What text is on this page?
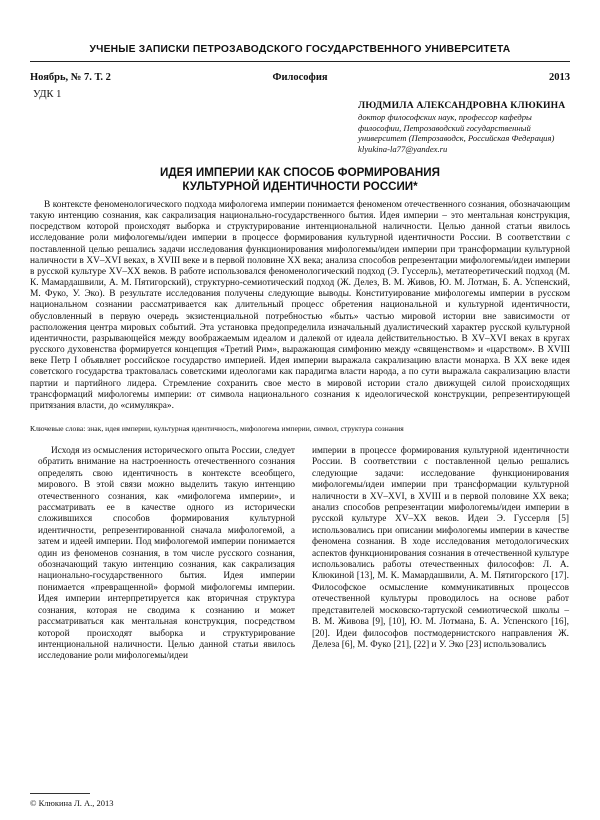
УЧЕНЫЕ ЗАПИСКИ ПЕТРОЗАВОДСКОГО ГОСУДАРСТВЕННОГО УНИВЕРСИТЕТА
Философия
Ноябрь, № 7. Т. 2	2013
УДК 1
ЛЮДМИЛА АЛЕКСАНДРОВНА КЛЮКИНА
доктор философских наук, профессор кафедры философии, Петрозаводский государственный университет (Петрозаводск, Российская Федерация)
klyukina-la77@yandex.ru
ИДЕЯ ИМПЕРИИ КАК СПОСОБ ФОРМИРОВАНИЯ
КУЛЬТУРНОЙ ИДЕНТИЧНОСТИ РОССИИ*

В контексте феноменологического подхода мифологема империи понимается феноменом отечественного сознания, обозначающим такую интенцию сознания, как сакрализация национально-государственного бытия. Идея империи – это ментальная конструкция, посредством которой происходят выборка и структурирование интенциональной наличности. Целью данной статьи явилось исследование роли мифологемы/идеи империи в процессе формирования культурной идентичности России. В соответствии с поставленной целью решались задачи исследования функционирования мифологемы/идеи империи при трансформации культурной наличности в XV–XVI веках, в XVIII веке и в первой половине XX века; анализа способов репрезентации мифологемы/идеи империи в русской культуре XV–XX веков. В работе использовался феноменологический подход (Э. Гуссерль), метатеоретический подход (М. К. Мамардашвили, А. М. Пятигорский), структурно-семиотический подход (Ж. Делез, В. М. Живов, Ю. М. Лотман, Б. А. Успенский, М. Фуко, У. Эко). В результате исследования получены следующие выводы. Конституирование мифологемы империи в русском национальном сознании рассматривается как длительный процесс обретения национальной и культурной идентичности, обусловленный в первую очередь экзистенциальной потребностью «быть» частью мировой истории вне зависимости от расположения центра мировых событий. Эта установка предопределила изначальный дуалистический характер русской культурной идентичности, разрывающейся между воображаемым идеалом и далекой от идеала действительностью. В XV–XVI веках в кругах русского духовенства формируется концепция «Третий Рим», выражающая симфонию между «священством» и «царством». В XVIII веке Петр I объявляет российское государство империей. Идея империи выражала сакрализацию власти монарха. В XX веке идея советского государства трактовалась советскими идеологами как парадигма власти народа, а по сути выражала сакрализацию власти партии и партийного лидера. Стремление сохранить свое место в мировой истории стало движущей силой происходящих трансформаций мифологемы империи: от символа национального сознания к идеологической конструкции, репрезентирующей притязания власти, до «симулякра».

Ключевые слова: знак, идея империи, культурная идентичность, мифологема империи, символ, структура сознания

Исходя из осмысления исторического опыта России, следует обратить внимание на настроенность отечественного сознания определять свою идентичность в контексте всеобщего, мирового. В этой связи можно выделить такую интенцию отечественного сознания, как «мифологема империи», и рассматривать ее в качестве одного из исторически сложившихся способов формирования культурной идентичности, репрезентированной сначала мифологемой, а затем и идеей империи. Под мифологемой империи понимается один из феноменов сознания, в том числе русского сознания, обозначающий такую интенцию сознания, как сакрализация национально-государственного бытия. Идея империи понимается «превращенной» формой мифологемы империи. Идея империи интерпретируется как вторичная структура сознания, которая не сводима к сознанию и может рассматриваться как ментальная конструкция, посредством которой происходят выборка и структурирование интенциональной наличности. Целью данной статьи явилось исследование роли мифологемы/идеи

империи в процессе формирования культурной идентичности России. В соответствии с поставленной целью решались следующие задачи: исследование функционирования мифологемы/идеи империи при трансформации культурной наличности в XV–XVI, в XVIII и в первой половине XX века; анализ способов репрезентации мифологемы/идеи империи в русской культуре XV–XX веков. Идеи Э. Гуссерля [5] использовались при описании мифологемы империи в качестве феномена сознания. В ходе исследования методологических аспектов функционирования сознания в отечественной культуре использовались работы отечественных философов: Л. А. Клюкиной [13], М. К. Мамардашвили, А. М. Пятигорского [17]. Философское осмысление коммуникативных процессов отечественной культуры проводилось на основе работ представителей московско-тартуской семиотической школы – В. М. Живова [9], [10], Ю. М. Лотмана, Б. А. Успенского [16], [20]. Идеи философов постмодернистского направления Ж. Делеза [6], М. Фуко [21], [22] и У. Эко [23] использовались

© Клюкина Л. А., 2013
